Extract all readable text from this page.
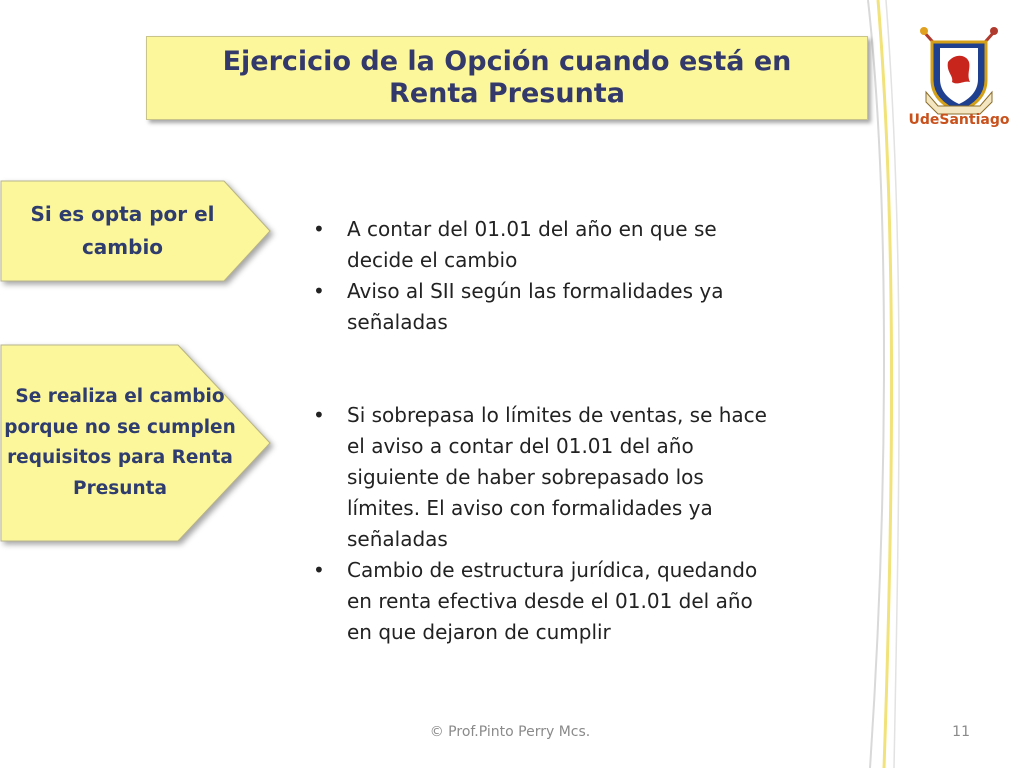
Ejercicio de la Opción cuando está en Renta Presunta
Si es opta por el cambio
Se realiza el cambio porque no se cumplen requisitos para Renta Presunta
• A contar del 01.01 del año en que se decide el cambio
• Aviso al SII según las formalidades ya señaladas
• Si sobrepasa lo límites de ventas, se hace el aviso a contar del 01.01 del año siguiente de haber sobrepasado los límites. El aviso con formalidades ya señaladas
• Cambio de estructura jurídica, quedando en renta efectiva desde el 01.01 del año en que dejaron de cumplir
UdeSantiago
© Prof.Pinto Perry Mcs.	11
